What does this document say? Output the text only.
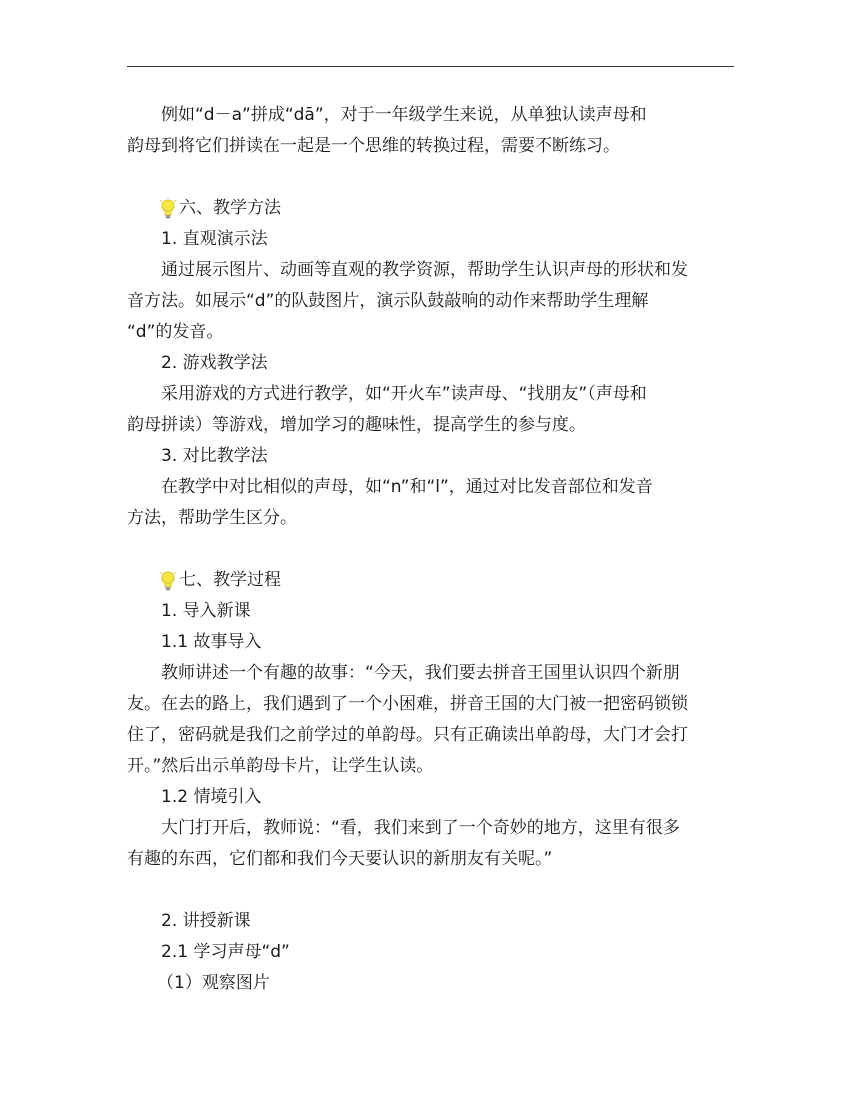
例如“d－a”拼成“dā”，对于一年级学生来说，从单独认读声母和
韵母到将它们拼读在一起是一个思维的转换过程，需要不断练习。
六、教学方法
1. 直观演示法
通过展示图片、动画等直观的教学资源，帮助学生认识声母的形状和发
音方法。如展示“d”的队鼓图片，演示队鼓敲响的动作来帮助学生理解
“d”的发音。
2. 游戏教学法
采用游戏的方式进行教学，如“开火车”读声母、“找朋友”（声母和
韵母拼读）等游戏，增加学习的趣味性，提高学生的参与度。
3. 对比教学法
在教学中对比相似的声母，如“n”和“l”，通过对比发音部位和发音
方法，帮助学生区分。
七、教学过程
1. 导入新课
1.1 故事导入
教师讲述一个有趣的故事：“今天，我们要去拼音王国里认识四个新朋
友。在去的路上，我们遇到了一个小困难，拼音王国的大门被一把密码锁锁
住了，密码就是我们之前学过的单韵母。只有正确读出单韵母，大门才会打
开。”然后出示单韵母卡片，让学生认读。
1.2 情境引入
大门打开后，教师说：“看，我们来到了一个奇妙的地方，这里有很多
有趣的东西，它们都和我们今天要认识的新朋友有关呢。”
2. 讲授新课
2.1 学习声母“d”
（1）观察图片
